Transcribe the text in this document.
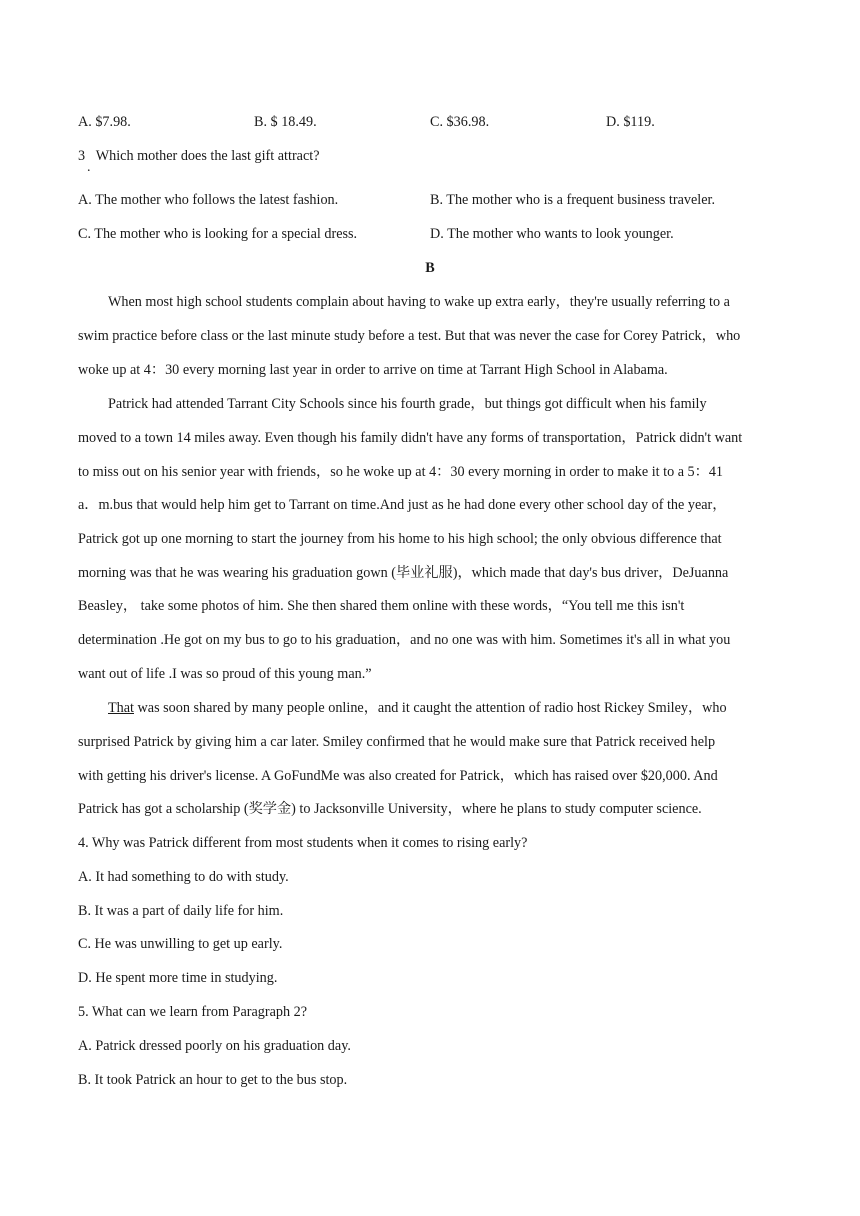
A. $7.98.	B. $ 18.49.	C. $36.98.	D. $119.
3 Which mother does the last gift attract?
.
A. The mother who follows the latest fashion.	B. The mother who is a frequent business traveler.
C. The mother who is looking for a special dress.	D. The mother who wants to look younger.
B
When most high school students complain about having to wake up extra early，they're usually referring to a
swim practice before class or the last minute study before a test. But that was never the case for Corey Patrick，who
woke up at 4：30 every morning last year in order to arrive on time at Tarrant High School in Alabama.
Patrick had attended Tarrant City Schools since his fourth grade，but things got difficult when his family
moved to a town 14 miles away. Even though his family didn't have any forms of transportation，Patrick didn't want
to miss out on his senior year with friends，so he woke up at 4：30 every morning in order to make it to a 5：41
a．m.bus that would help him get to Tarrant on time.And just as he had done every other school day of the year，
Patrick got up one morning to start the journey from his home to his high school; the only obvious difference that
morning was that he was wearing his graduation gown (毕业礼服)，which made that day's bus driver，DeJuanna
Beasley， take some photos of him. She then shared them online with these words，“You tell me this isn't
determination .He got on my bus to go to his graduation，and no one was with him. Sometimes it's all in what you
want out of life .I was so proud of this young man.”
That was soon shared by many people online，and it caught the attention of radio host Rickey Smiley，who
surprised Patrick by giving him a car later. Smiley confirmed that he would make sure that Patrick received help
with getting his driver's license. A GoFundMe was also created for Patrick，which has raised over $20,000. And
Patrick has got a scholarship (奖学金) to Jacksonville University，where he plans to study computer science.
4. Why was Patrick different from most students when it comes to rising early?
A. It had something to do with study.
B. It was a part of daily life for him.
C. He was unwilling to get up early.
D. He spent more time in studying.
5. What can we learn from Paragraph 2?
A. Patrick dressed poorly on his graduation day.
B. It took Patrick an hour to get to the bus stop.
